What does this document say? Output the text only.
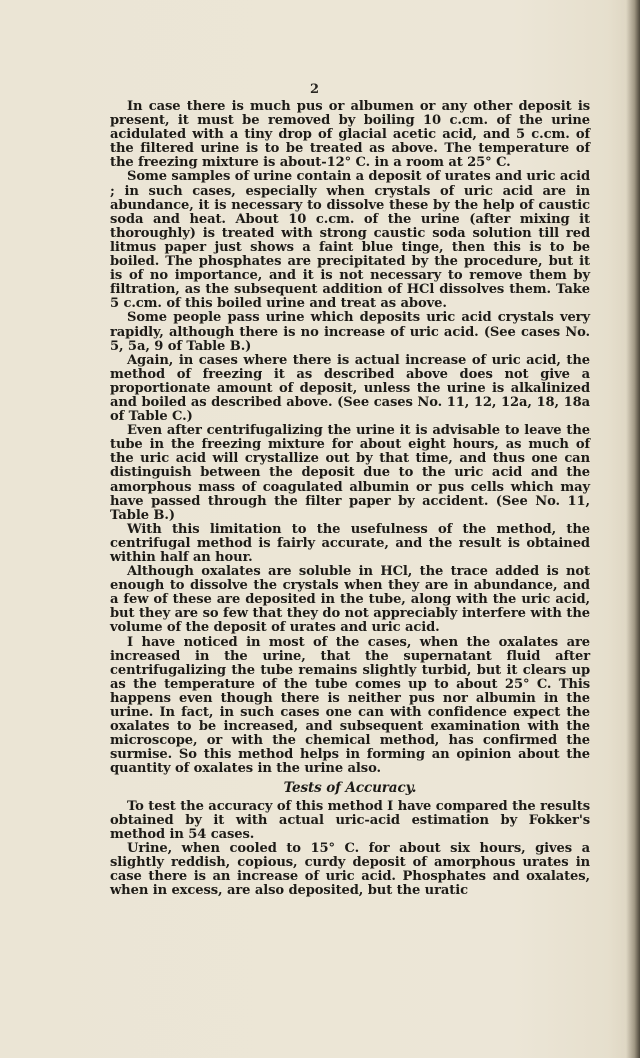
2

In case there is much pus or albumen or any other deposit is present, it must be removed by boiling 10 c.cm. of the urine acidulated with a tiny drop of glacial acetic acid, and 5 c.cm. of the filtered urine is to be treated as above. The temperature of the freezing mixture is about-12° C. in a room at 25° C.

Some samples of urine contain a deposit of urates and uric acid ; in such cases, especially when crystals of uric acid are in abundance, it is necessary to dissolve these by the help of caustic soda and heat. About 10 c.cm. of the urine (after mixing it thoroughly) is treated with strong caustic soda solution till red litmus paper just shows a faint blue tinge, then this is to be boiled. The phosphates are precipitated by the procedure, but it is of no importance, and it is not necessary to remove them by filtration, as the subsequent addition of HCl dissolves them. Take 5 c.cm. of this boiled urine and treat as above.

Some people pass urine which deposits uric acid crystals very rapidly, although there is no increase of uric acid. (See cases No. 5, 5a, 9 of Table B.)

Again, in cases where there is actual increase of uric acid, the method of freezing it as described above does not give a proportionate amount of deposit, unless the urine is alkalinized and boiled as described above. (See cases No. 11, 12, 12a, 18, 18a of Table C.)

Even after centrifugalizing the urine it is advisable to leave the tube in the freezing mixture for about eight hours, as much of the uric acid will crystallize out by that time, and thus one can distinguish between the deposit due to the uric acid and the amorphous mass of coagulated albumin or pus cells which may have passed through the filter paper by accident. (See No. 11, Table B.)

With this limitation to the usefulness of the method, the centrifugal method is fairly accurate, and the result is obtained within half an hour.

Although oxalates are soluble in HCl, the trace added is not enough to dissolve the crystals when they are in abundance, and a few of these are deposited in the tube, along with the uric acid, but they are so few that they do not appreciably interfere with the volume of the deposit of urates and uric acid.

I have noticed in most of the cases, when the oxalates are increased in the urine, that the supernatant fluid after centrifugalizing the tube remains slightly turbid, but it clears up as the temperature of the tube comes up to about 25° C. This happens even though there is neither pus nor albumin in the urine. In fact, in such cases one can with confidence expect the oxalates to be increased, and subsequent examination with the microscope, or with the chemical method, has confirmed the surmise. So this method helps in forming an opinion about the quantity of oxalates in the urine also.

Tests of Accuracy.

To test the accuracy of this method I have compared the results obtained by it with actual uric-acid estimation by Fokker's method in 54 cases.

Urine, when cooled to 15° C. for about six hours, gives a slightly reddish, copious, curdy deposit of amorphous urates in case there is an increase of uric acid. Phosphates and oxalates, when in excess, are also deposited, but the uratic
